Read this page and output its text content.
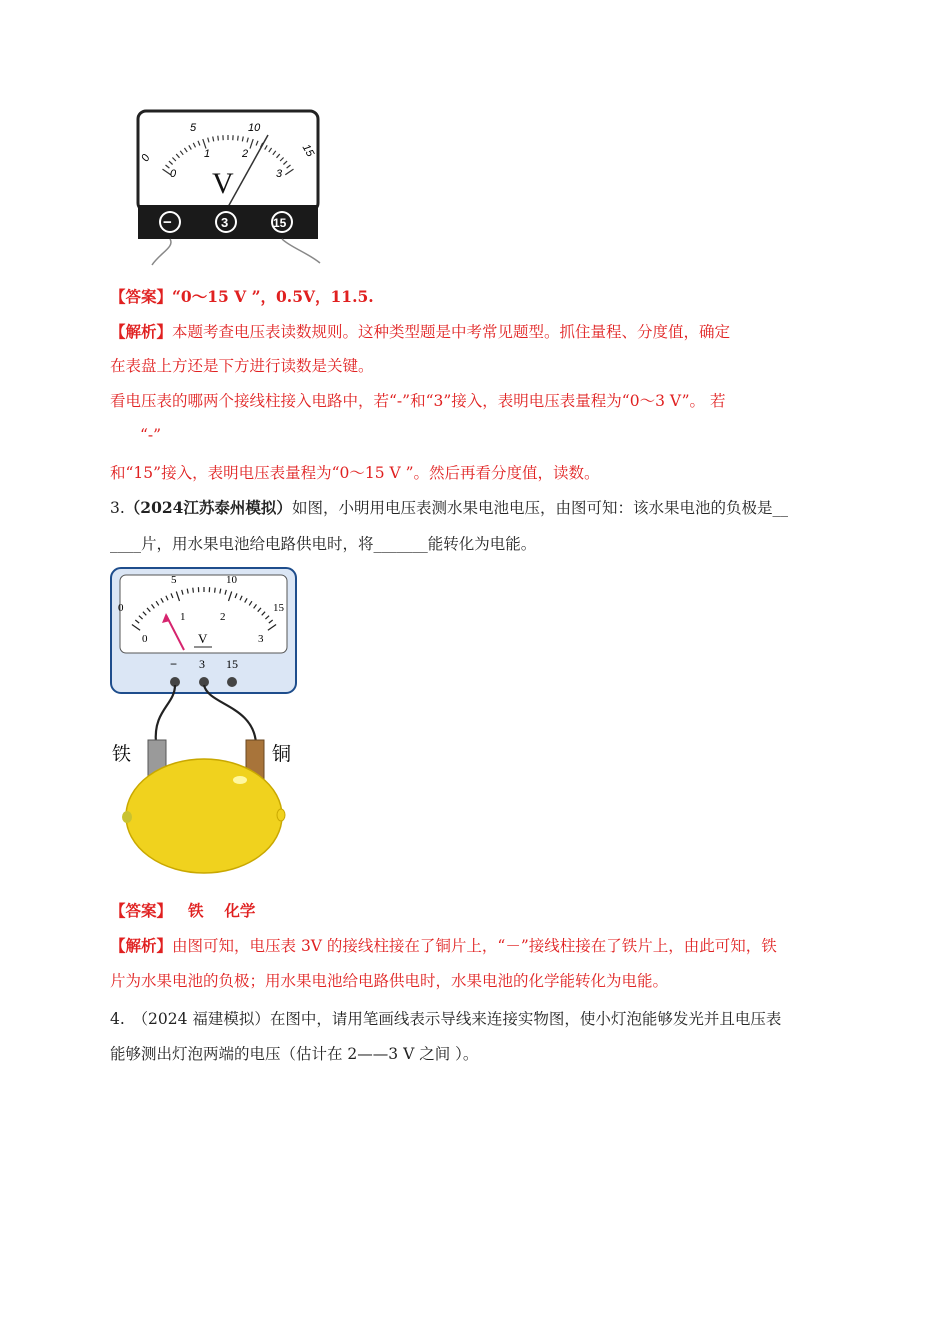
0
5	10
15
0
1	2
3
V
−	3	15
【答案】“0～15 V ”，0.5V，11.5.
【解析】本题考查电压表读数规则。这种类型题是中考常见题型。抓住量程、分度值，确定
在表盘上方还是下方进行读数是关键。
看电压表的哪两个接线柱接入电路中，若“-”和“3”接入，表明电压表量程为“0～3 V”。 若
“-”
和“15”接入，表明电压表量程为“0～15 V ”。然后再看分度值，读数。
3.（2024江苏泰州模拟）如图，小明用电压表测水果电池电压，由图可知：该水果电池的负极是__
____片，用水果电池给电路供电时，将_______能转化为电能。
0
5	10
15
0
1	2
3
V
− 3 15
铁	铜
【答案】 铁　 化学
【解析】由图可知，电压表 3V 的接线柱接在了铜片上，“－”接线柱接在了铁片上，由此可知，铁
片为水果电池的负极；用水果电池给电路供电时，水果电池的化学能转化为电能。
4.　（2024 福建模拟）在图中，请用笔画线表示导线来连接实物图，使小灯泡能够发光并且电压表
能够测出灯泡两端的电压（估计在 2——3 V 之间 ）。
